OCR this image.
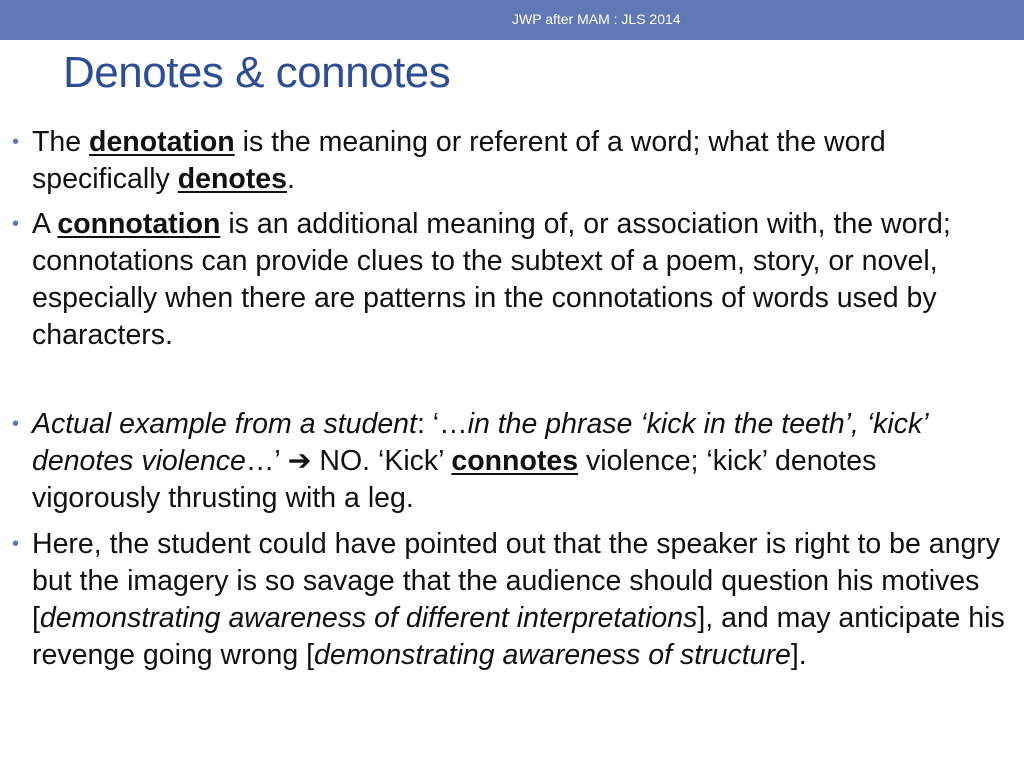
JWP after MAM : JLS 2014
Denotes & connotes
• The denotation is the meaning or referent of a word; what the word specifically denotes.
• A connotation is an additional meaning of, or association with, the word; connotations can provide clues to the subtext of a poem, story, or novel, especially when there are patterns in the connotations of words used by characters.
• Actual example from a student: ‘…in the phrase ‘kick in the teeth’, ‘kick’ denotes violence…’ ➔ NO. ‘Kick’ connotes violence; ‘kick’ denotes vigorously thrusting with a leg.
• Here, the student could have pointed out that the speaker is right to be angry but the imagery is so savage that the audience should question his motives [demonstrating awareness of different interpretations], and may anticipate his revenge going wrong [demonstrating awareness of structure].
